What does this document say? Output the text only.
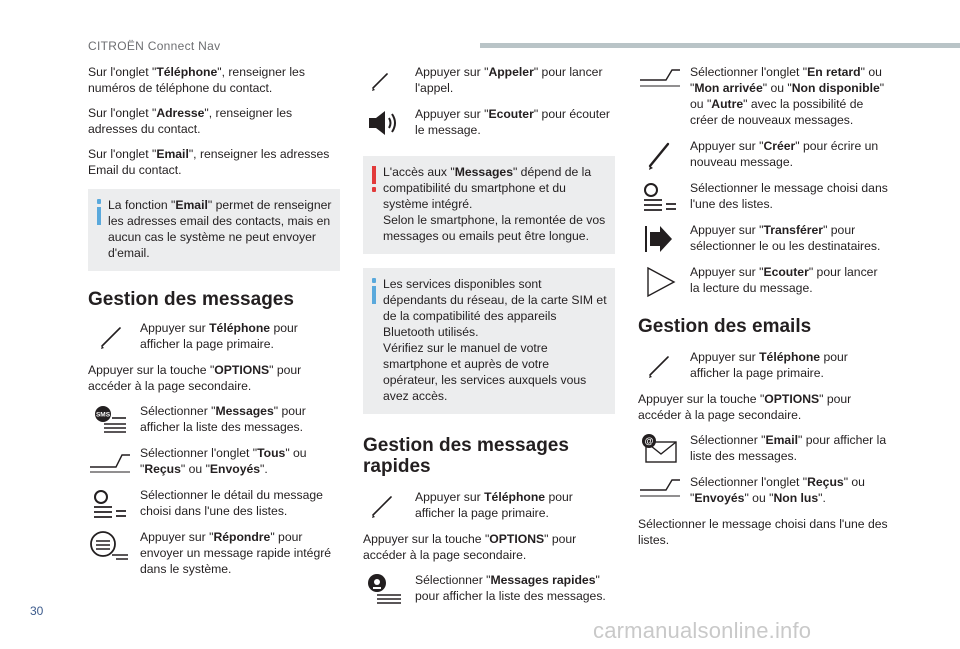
CITROËN Connect Nav

Sur l'onglet "Téléphone", renseigner les numéros de téléphone du contact.

Sur l'onglet "Adresse", renseigner les adresses du contact.

Sur l'onglet "Email", renseigner les adresses Email du contact.

La fonction "Email" permet de renseigner les adresses email des contacts, mais en aucun cas le système ne peut envoyer d'email.
Gestion des messages
Appuyer sur Téléphone pour afficher la page primaire.

Appuyer sur la touche "OPTIONS" pour accéder à la page secondaire.

SMS Sélectionner "Messages" pour afficher la liste des messages.
Sélectionner l'onglet "Tous" ou "Reçus" ou "Envoyés".
Sélectionner le détail du message choisi dans l'une des listes.
Appuyer sur "Répondre" pour envoyer un message rapide intégré dans le système.
Appuyer sur "Appeler" pour lancer l'appel.
Appuyer sur "Ecouter" pour écouter le message.
L'accès aux "Messages" dépend de la compatibilité du smartphone et du système intégré.
Selon le smartphone, la remontée de vos messages ou emails peut être longue.
Les services disponibles sont dépendants du réseau, de la carte SIM et de la compatibilité des appareils Bluetooth utilisés.
Vérifiez sur le manuel de votre smartphone et auprès de votre opérateur, les services auxquels vous avez accès.
Gestion des messages rapides
Appuyer sur Téléphone pour afficher la page primaire.

Appuyer sur la touche "OPTIONS" pour accéder à la page secondaire.

Sélectionner "Messages rapides" pour afficher la liste des messages.
Sélectionner l'onglet "En retard" ou "Mon arrivée" ou "Non disponible" ou "Autre" avec la possibilité de créer de nouveaux messages.
Appuyer sur "Créer" pour écrire un nouveau message.
Sélectionner le message choisi dans l'une des listes.
Appuyer sur "Transférer" pour sélectionner le ou les destinataires.
Appuyer sur "Ecouter" pour lancer la lecture du message.
Gestion des emails
Appuyer sur Téléphone pour afficher la page primaire.

Appuyer sur la touche "OPTIONS" pour accéder à la page secondaire.

@	Sélectionner "Email" pour afficher la liste des messages.
Sélectionner l'onglet "Reçus" ou "Envoyés" ou "Non lus".

Sélectionner le message choisi dans l'une des listes.

30
carmanualsonline.info
